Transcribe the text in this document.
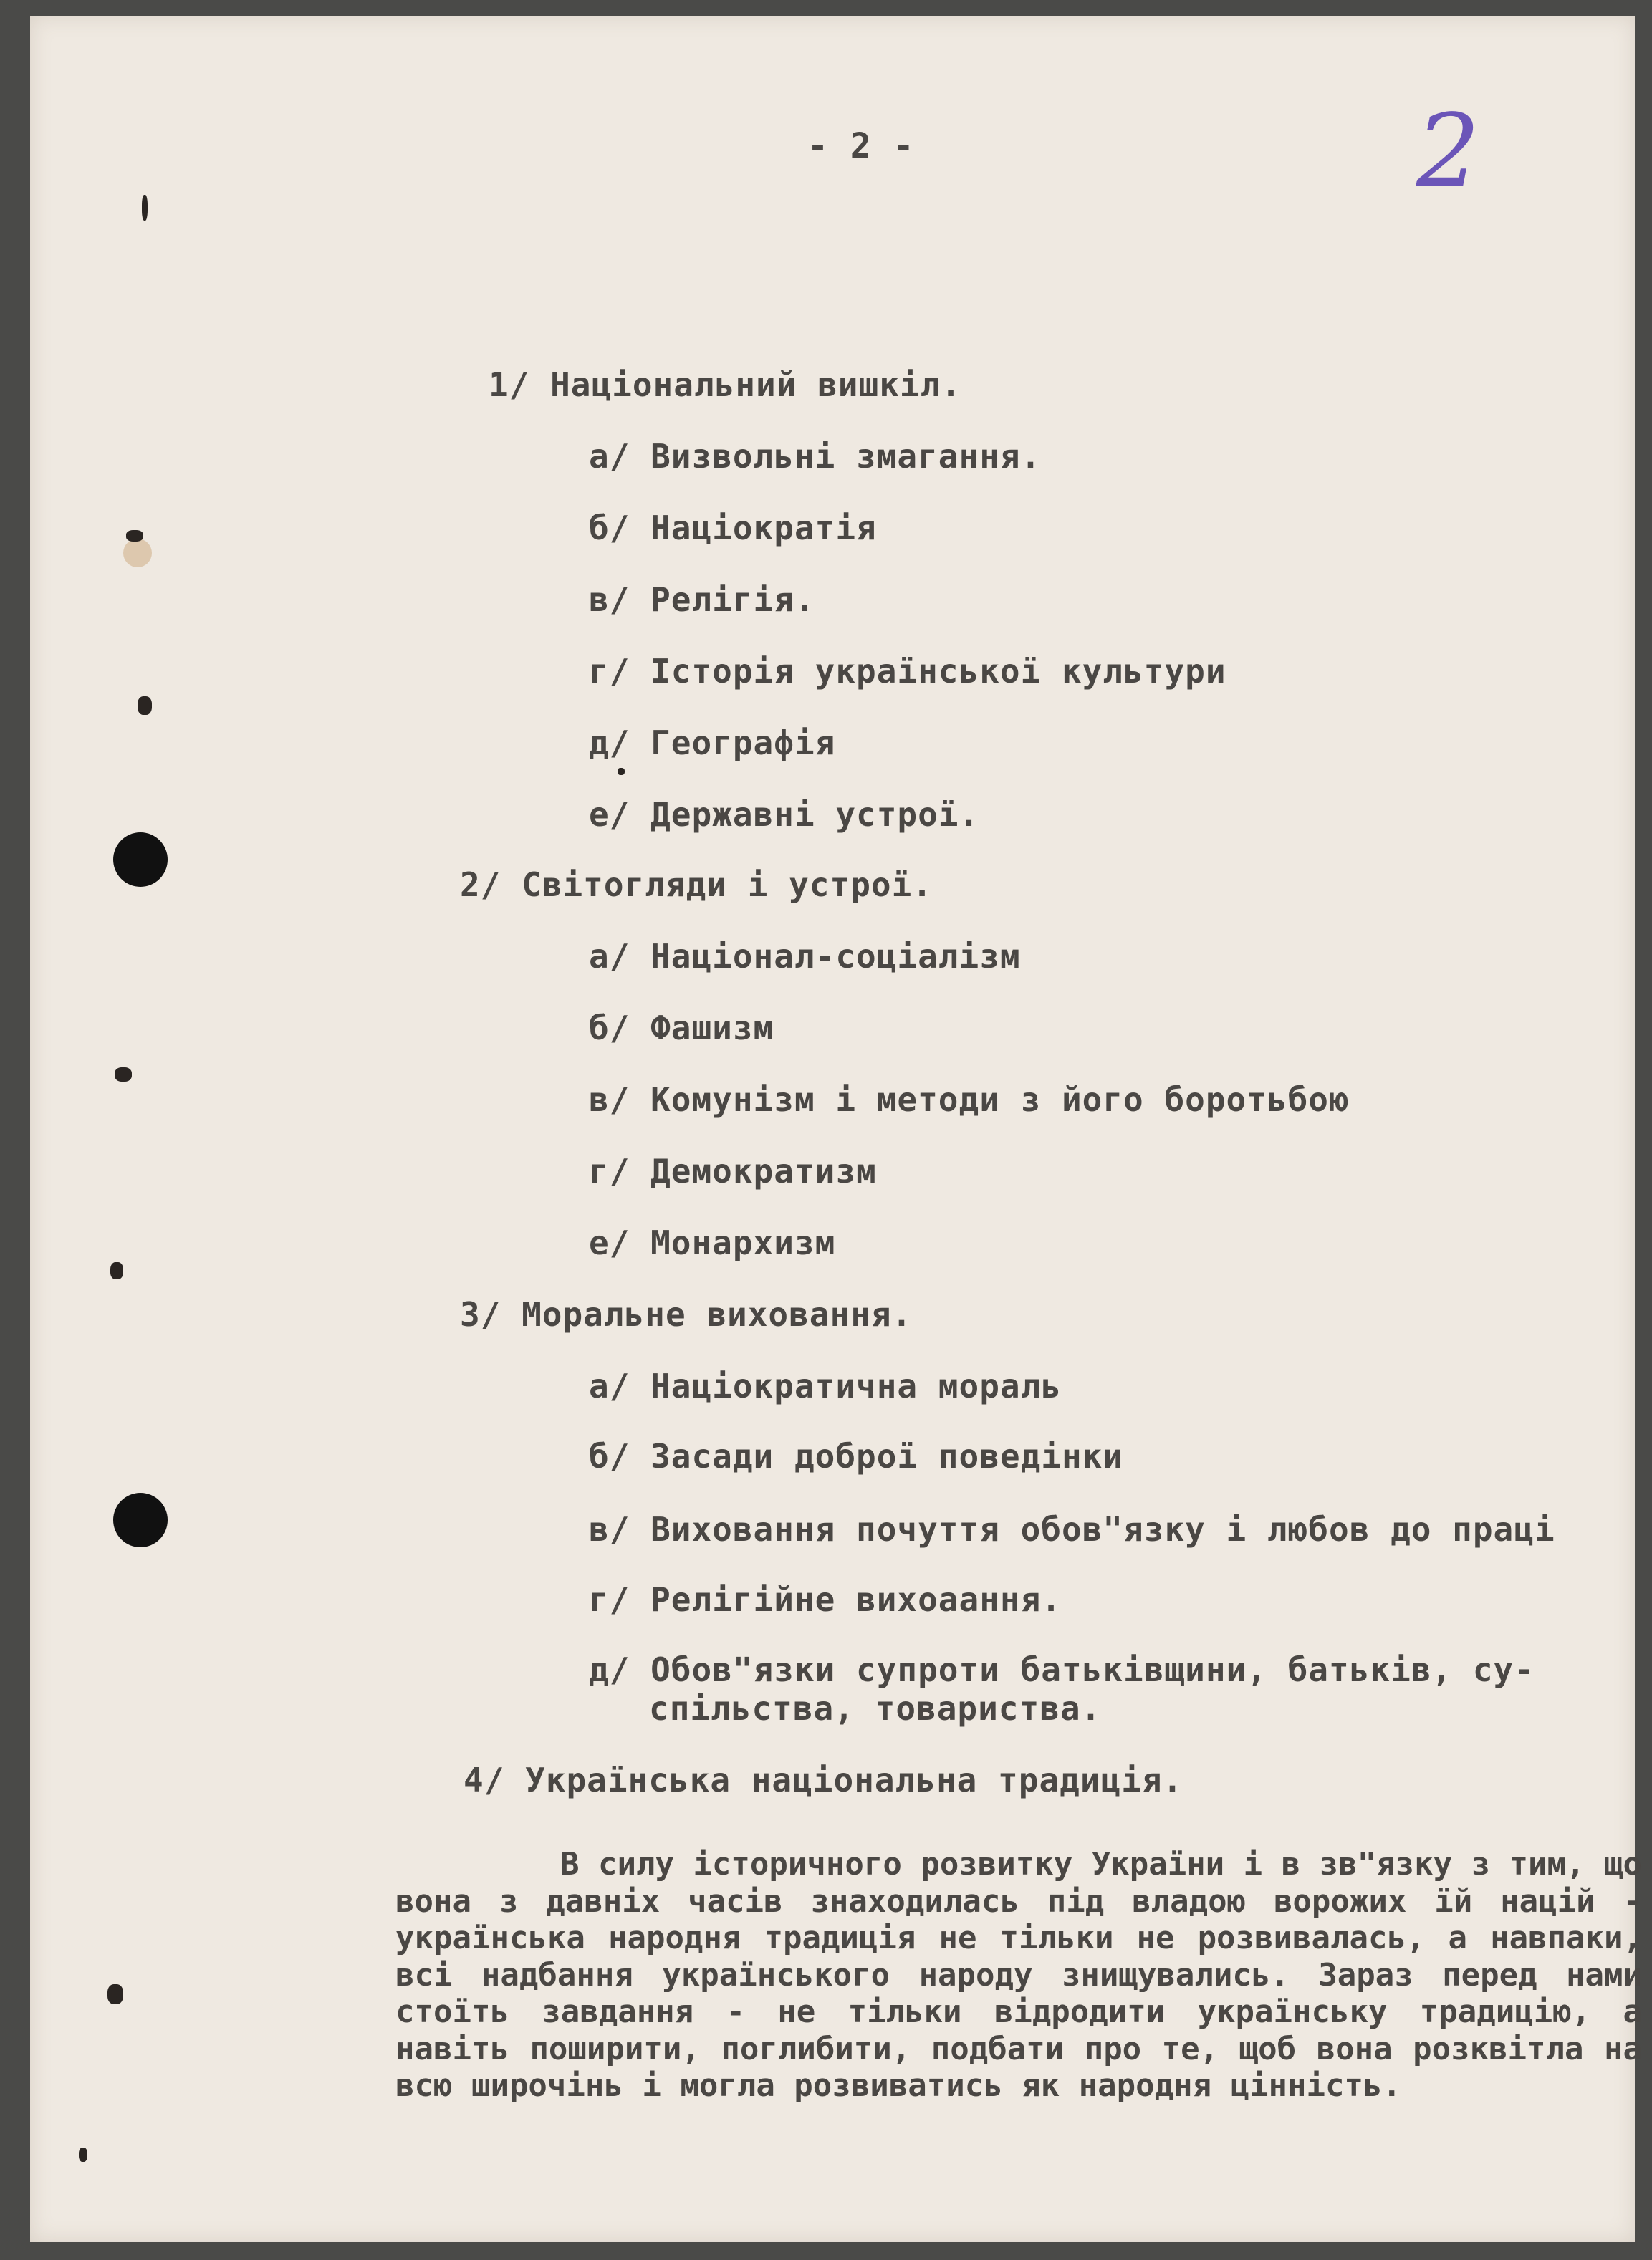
- 2 -	2
1/ Національний вишкіл.
а/ Визвольні змагання.
б/ Націократія
в/ Релігія.
г/ Історія української культури
д/ Географія
е/ Державні устрої.
2/ Світогляди і устрої.
а/ Націонал-соціалізм
б/ Фашизм
в/ Комунізм і методи з його боротьбою
г/ Демократизм
е/ Монархизм
3/ Моральне виховання.
а/ Націократична мораль
б/ Засади доброї поведінки
в/ Виховання почуття обов"язку і любов до праці
г/ Релігійне вихоаання.
д/ Обов"язки супроти батьківщини, батьків, су-
спільства, товариства.
4/ Українська національна традиція.

В силу історичного розвитку України і в зв"язку з тим, що вона з давніх часів знаходилась під владою ворожих їй націй - українська народня традиція не тільки не розвивалась, а навпаки, всі надбання українського народу знищувались. Зараз перед нами стоїть завдання - не тільки відродити українську традицію, а навіть поширити, поглибити, подбати про те, щоб вона розквітла на всю широчінь і могла розвиватись як народня цінність.
